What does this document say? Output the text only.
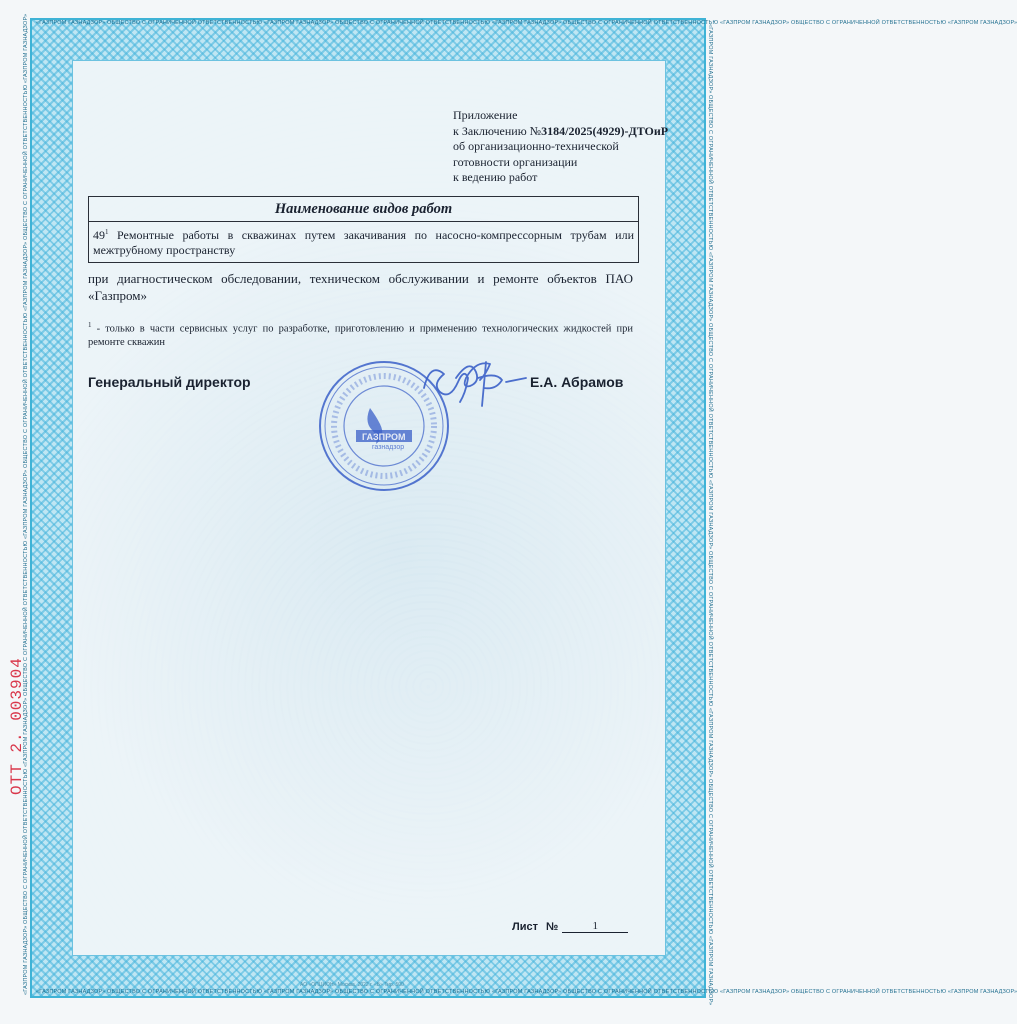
«ГАЗПРОМ ГАЗНАДЗОР» ОБЩЕСТВО С ОГРАНИЧЕННОЙ ОТВЕТСТВЕННОСТЬЮ «ГАЗПРОМ ГАЗНАДЗОР» ОБЩЕСТВО С ОГРАНИЧЕННОЙ ОТВЕТСТВЕННОСТЬЮ «ГАЗПРОМ ГАЗНАДЗОР» ОБЩЕСТВО С ОГРАНИЧЕННОЙ ОТВЕТСТВЕННОСТЬЮ «ГАЗПРОМ ГАЗНАДЗОР» ОБЩЕСТВО С ОГРАНИЧЕННОЙ ОТВЕТСТВЕННОСТЬЮ «ГАЗПРОМ ГАЗНАДЗОР»
«ГАЗПРОМ ГАЗНАДЗОР» ОБЩЕСТВО С ОГРАНИЧЕННОЙ ОТВЕТСТВЕННОСТЬЮ «ГАЗПРОМ ГАЗНАДЗОР» ОБЩЕСТВО С ОГРАНИЧЕННОЙ ОТВЕТСТВЕННОСТЬЮ «ГАЗПРОМ ГАЗНАДЗОР» ОБЩЕСТВО С ОГРАНИЧЕННОЙ ОТВЕТСТВЕННОСТЬЮ «ГАЗПРОМ ГАЗНАДЗОР» ОБЩЕСТВО С ОГРАНИЧЕННОЙ ОТВЕТСТВЕННОСТЬЮ «ГАЗПРОМ ГАЗНАДЗОР»
«ГАЗПРОМ ГАЗНАДЗОР» ОБЩЕСТВО С ОГРАНИЧЕННОЙ ОТВЕТСТВЕННОСТЬЮ «ГАЗПРОМ ГАЗНАДЗОР» ОБЩЕСТВО С ОГРАНИЧЕННОЙ ОТВЕТСТВЕННОСТЬЮ «ГАЗПРОМ ГАЗНАДЗОР» ОБЩЕСТВО С ОГРАНИЧЕННОЙ ОТВЕТСТВЕННОСТЬЮ «ГАЗПРОМ ГАЗНАДЗОР» ОБЩЕСТВО С ОГРАНИЧЕННОЙ ОТВЕТСТВЕННОСТЬЮ «ГАЗПРОМ ГАЗНАДЗОР»	«ГАЗПРОМ ГАЗНАДЗОР» ОБЩЕСТВО С ОГРАНИЧЕННОЙ ОТВЕТСТВЕННОСТЬЮ «ГАЗПРОМ ГАЗНАДЗОР» ОБЩЕСТВО С ОГРАНИЧЕННОЙ ОТВЕТСТВЕННОСТЬЮ «ГАЗПРОМ ГАЗНАДЗОР» ОБЩЕСТВО С ОГРАНИЧЕННОЙ ОТВЕТСТВЕННОСТЬЮ «ГАЗПРОМ ГАЗНАДЗОР» ОБЩЕСТВО С ОГРАНИЧЕННОЙ ОТВЕТСТВЕННОСТЬЮ «ГАЗПРОМ ГАЗНАДЗОР»
Приложение
к Заключению №3184/2025(4929)-ДТОиР
об организационно-технической
готовности организации
к ведению работ
Наименование видов работ
$49^1$ Ремонтные работы в скважинах путем закачивания по насосно-компрессорным трубам или межтрубному пространству
при диагностическом обследовании, техническом обслуживании и ремонте объектов ПАО «Газпром»
$^1$ - только в части сервисных услуг по разработке, приготовлению и применению технологических жидкостей при ремонте скважин
Генеральный директор
ГАЗПРОМ
газнадзор
Е.А. Абрамов
Лист №	1
АО «ОПЦИОН» Москва, 2022 г. «Б» Тир. 500
ОТТ 2. 003904
